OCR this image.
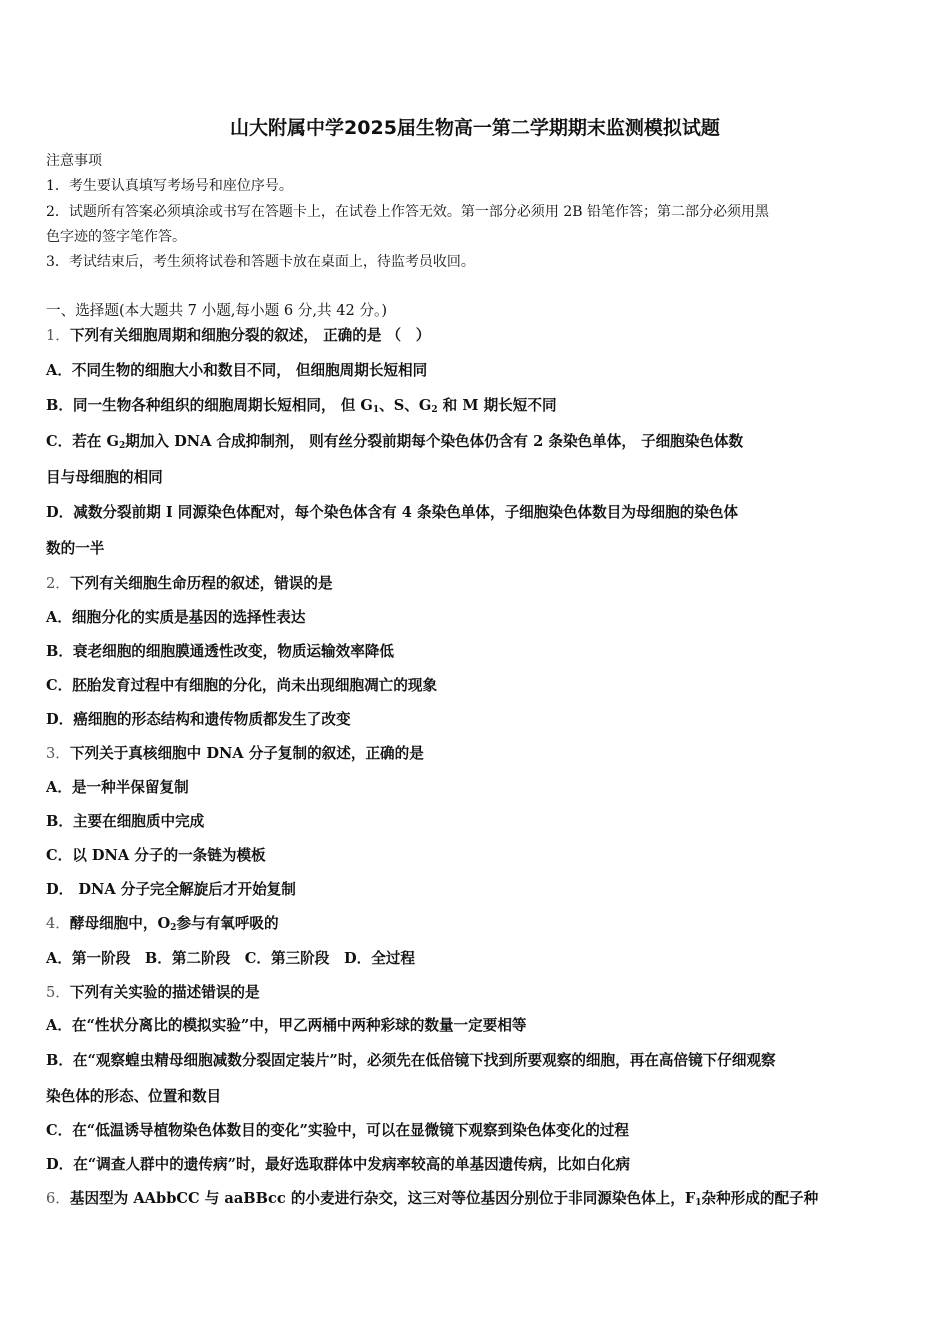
山大附属中学2025届生物高一第二学期期末监测模拟试题
注意事项
1．考生要认真填写考场号和座位序号。
2．试题所有答案必须填涂或书写在答题卡上，在试卷上作答无效。第一部分必须用 2B 铅笔作答；第二部分必须用黑
色字迹的签字笔作答。
3．考试结束后，考生须将试卷和答题卡放在桌面上，待监考员收回。
一、选择题(本大题共 7 小题,每小题 6 分,共 42 分。)
1．下列有关细胞周期和细胞分裂的叙述， 正确的是 （　）
A．不同生物的细胞大小和数目不同， 但细胞周期长短相同
B．同一生物各种组织的细胞周期长短相同， 但 $G_1$、S、$G_2$ 和 M 期长短不同
C．若在 $G_2$期加入 DNA 合成抑制剂， 则有丝分裂前期每个染色体仍含有 2 条染色单体， 子细胞染色体数
目与母细胞的相同
D．减数分裂前期 I 同源染色体配对，每个染色体含有 4 条染色单体，子细胞染色体数目为母细胞的染色体
数的一半
2．下列有关细胞生命历程的叙述，错误的是
A．细胞分化的实质是基因的选择性表达
B．衰老细胞的细胞膜通透性改变，物质运输效率降低
C．胚胎发育过程中有细胞的分化，尚未出现细胞凋亡的现象
D．癌细胞的形态结构和遗传物质都发生了改变
3．下列关于真核细胞中 DNA 分子复制的叙述，正确的是
A．是一种半保留复制
B．主要在细胞质中完成
C．以 DNA 分子的一条链为模板
D． DNA 分子完全解旋后才开始复制
4．酵母细胞中，$O_2$参与有氧呼吸的
A．第一阶段　B．第二阶段　C．第三阶段　D．全过程
5．下列有关实验的描述错误的是
A．在“性状分离比的模拟实验”中，甲乙两桶中两种彩球的数量一定要相等
B．在“观察蝗虫精母细胞减数分裂固定装片”时，必须先在低倍镜下找到所要观察的细胞，再在高倍镜下仔细观察
染色体的形态、位置和数目
C．在“低温诱导植物染色体数目的变化”实验中，可以在显微镜下观察到染色体变化的过程
D．在“调查人群中的遗传病”时，最好选取群体中发病率较高的单基因遗传病，比如白化病
6．基因型为 AAbbCC 与 aaBBcc 的小麦进行杂交，这三对等位基因分别位于非同源染色体上，$F_1$杂种形成的配子种
